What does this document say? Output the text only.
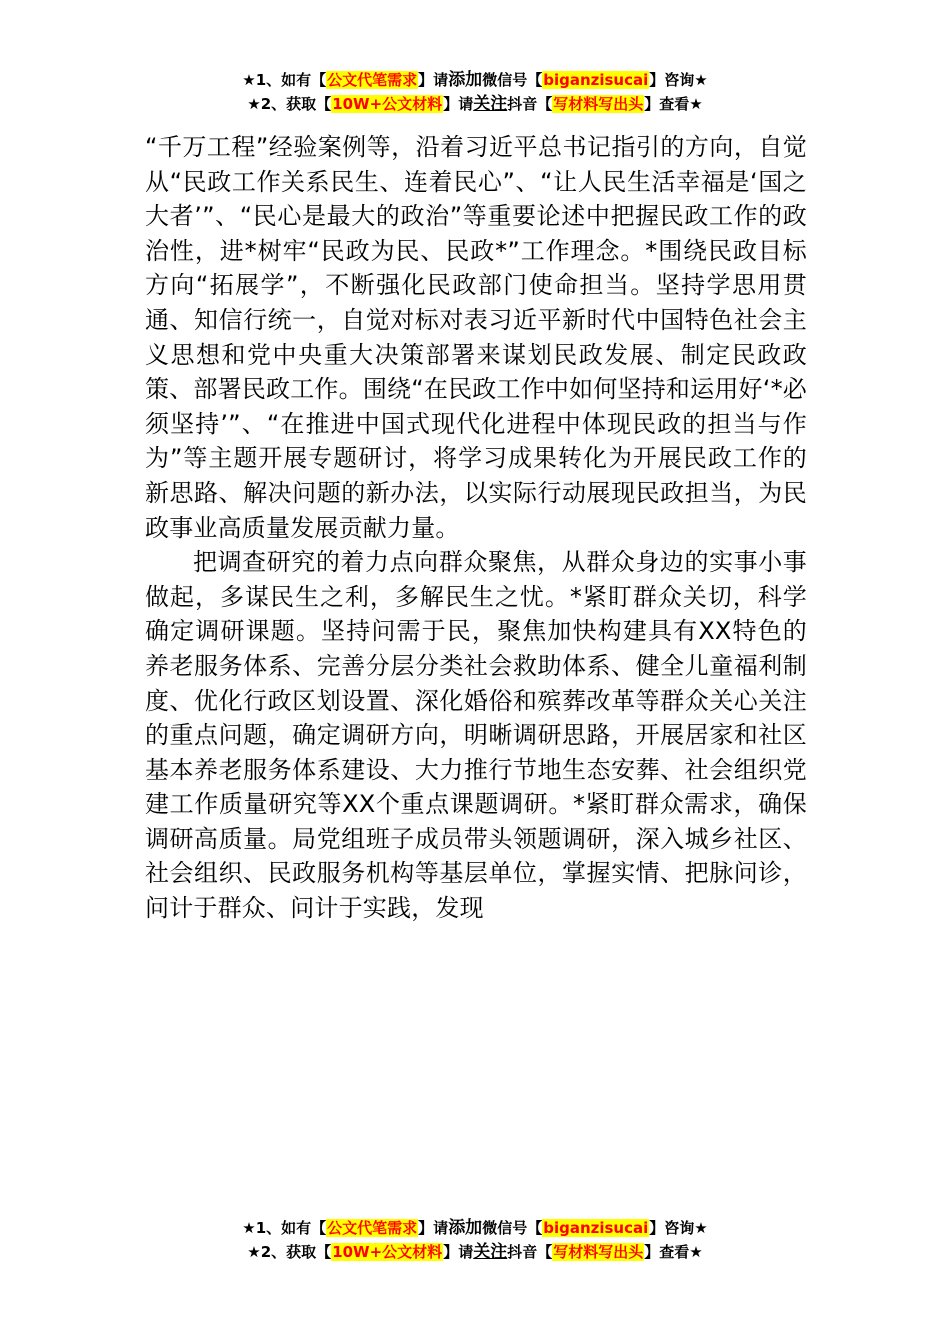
★1、如有【公文代笔需求】请添加微信号【biganzisucai】咨询★
★2、获取【10W+公文材料】请关注抖音【写材料写出头】查看★

“千万工程”经验案例等，沿着习近平总书记指引的方向，自觉从“民政工作关系民生、连着民心”、“让人民生活幸福是‘国之大者’”、“民心是最大的政治”等重要论述中把握民政工作的政治性，进*树牢“民政为民、民政*”工作理念。*围绕民政目标方向“拓展学”，不断强化民政部门使命担当。坚持学思用贯通、知信行统一，自觉对标对表习近平新时代中国特色社会主义思想和党中央重大决策部署来谋划民政发展、制定民政政策、部署民政工作。围绕“在民政工作中如何坚持和运用好‘*必须坚持’”、“在推进中国式现代化进程中体现民政的担当与作为”等主题开展专题研讨，将学习成果转化为开展民政工作的新思路、解决问题的新办法，以实际行动展现民政担当，为民政事业高质量发展贡献力量。

把调查研究的着力点向群众聚焦，从群众身边的实事小事做起，多谋民生之利，多解民生之忧。*紧盯群众关切，科学确定调研课题。坚持问需于民，聚焦加快构建具有XX特色的养老服务体系、完善分层分类社会救助体系、健全儿童福利制度、优化行政区划设置、深化婚俗和殡葬改革等群众关心关注的重点问题，确定调研方向，明晰调研思路，开展居家和社区基本养老服务体系建设、大力推行节地生态安葬、社会组织党建工作质量研究等XX个重点课题调研。*紧盯群众需求，确保调研高质量。局党组班子成员带头领题调研，深入城乡社区、社会组织、民政服务机构等基层单位，掌握实情、把脉问诊，问计于群众、问计于实践，发现

★1、如有【公文代笔需求】请添加微信号【biganzisucai】咨询★
★2、获取【10W+公文材料】请关注抖音【写材料写出头】查看★
